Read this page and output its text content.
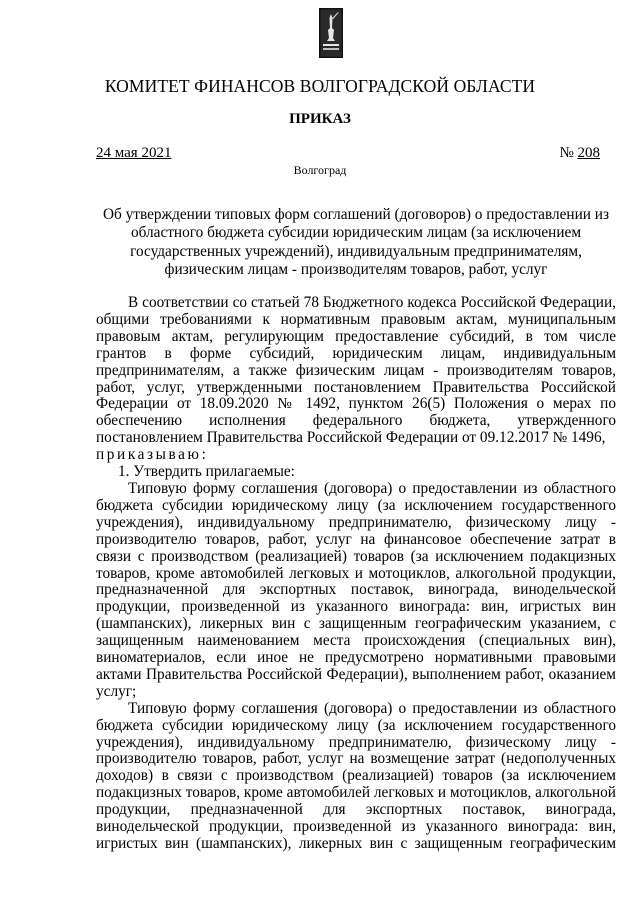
КОМИТЕТ ФИНАНСОВ ВОЛГОГРАДСКОЙ ОБЛАСТИ
ПРИКАЗ
24 мая 2021
Волгоград
№ 208
Об утверждении типовых форм соглашений (договоров) о предоставлении из областного бюджета субсидии юридическим лицам (за исключением государственных учреждений), индивидуальным предпринимателям, физическим лицам - производителям товаров, работ, услуг

В соответствии со статьей 78 Бюджетного кодекса Российской Федерации, общими требованиями к нормативным правовым актам, муниципальным правовым актам, регулирующим предоставление субсидий, в том числе грантов в форме субсидий, юридическим лицам, индивидуальным предпринимателям, а также физическим лицам - производителям товаров, работ, услуг, утвержденными постановлением Правительства Российской Федерации от 18.09.2020 № 1492, пунктом 26(5) Положения о мерах по обеспечению исполнения федерального бюджета, утвержденного постановлением Правительства Российской Федерации от 09.12.2017 № 1496,

приказываю:

1. Утвердить прилагаемые:

Типовую форму соглашения (договора) о предоставлении из областного бюджета субсидии юридическому лицу (за исключением государственного учреждения), индивидуальному предпринимателю, физическому лицу - производителю товаров, работ, услуг на финансовое обеспечение затрат в связи с производством (реализацией) товаров (за исключением подакцизных товаров, кроме автомобилей легковых и мотоциклов, алкогольной продукции, предназначенной для экспортных поставок, винограда, винодельческой продукции, произведенной из указанного винограда: вин, игристых вин (шампанских), ликерных вин с защищенным географическим указанием, с защищенным наименованием места происхождения (специальных вин), виноматериалов, если иное не предусмотрено нормативными правовыми актами Правительства Российской Федерации), выполнением работ, оказанием услуг;

Типовую форму соглашения (договора) о предоставлении из областного бюджета субсидии юридическому лицу (за исключением государственного учреждения), индивидуальному предпринимателю, физическому лицу - производителю товаров, работ, услуг на возмещение затрат (недополученных доходов) в связи с производством (реализацией) товаров (за исключением подакцизных товаров, кроме автомобилей легковых и мотоциклов, алкогольной продукции, предназначенной для экспортных поставок, винограда, винодельческой продукции, произведенной из указанного винограда: вин, игристых вин (шампанских), ликерных вин с защищенным географическим
